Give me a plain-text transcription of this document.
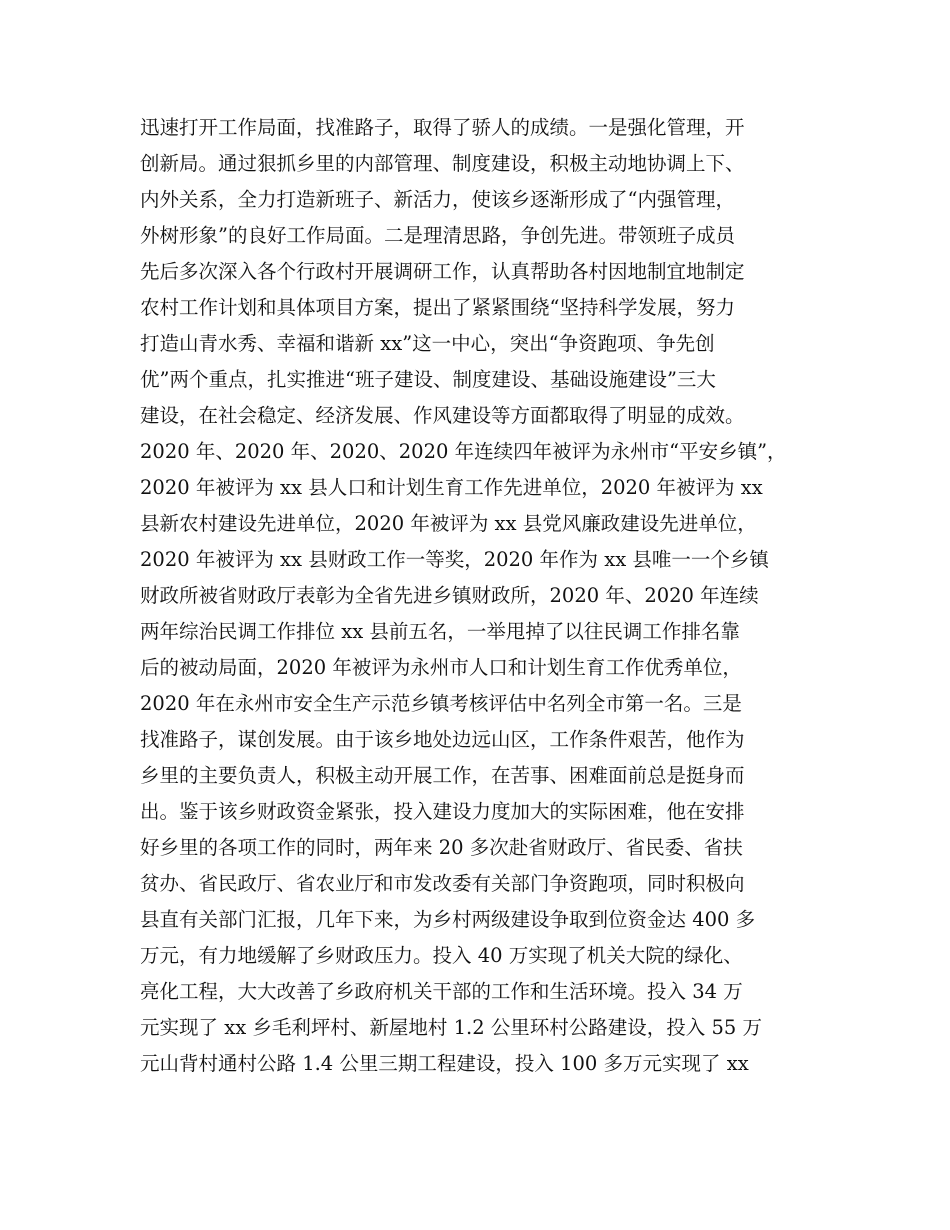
迅速打开工作局面，找准路子，取得了骄人的成绩。一是强化管理，开
创新局。通过狠抓乡里的内部管理、制度建设，积极主动地协调上下、
内外关系，全力打造新班子、新活力，使该乡逐渐形成了“内强管理，
外树形象”的良好工作局面。二是理清思路，争创先进。带领班子成员
先后多次深入各个行政村开展调研工作，认真帮助各村因地制宜地制定
农村工作计划和具体项目方案，提出了紧紧围绕“坚持科学发展，努力
打造山青水秀、幸福和谐新 xx”这一中心，突出“争资跑项、争先创
优”两个重点，扎实推进“班子建设、制度建设、基础设施建设”三大
建设，在社会稳定、经济发展、作风建设等方面都取得了明显的成效。
2020 年、2020 年、2020、2020 年连续四年被评为永州市“平安乡镇”，
2020 年被评为 xx 县人口和计划生育工作先进单位，2020 年被评为 xx
县新农村建设先进单位，2020 年被评为 xx 县党风廉政建设先进单位，
2020 年被评为 xx 县财政工作一等奖，2020 年作为 xx 县唯一一个乡镇
财政所被省财政厅表彰为全省先进乡镇财政所，2020 年、2020 年连续
两年综治民调工作排位 xx 县前五名，一举甩掉了以往民调工作排名靠
后的被动局面，2020 年被评为永州市人口和计划生育工作优秀单位，
2020 年在永州市安全生产示范乡镇考核评估中名列全市第一名。三是
找准路子，谋创发展。由于该乡地处边远山区，工作条件艰苦，他作为
乡里的主要负责人，积极主动开展工作，在苦事、困难面前总是挺身而
出。鉴于该乡财政资金紧张，投入建设力度加大的实际困难，他在安排
好乡里的各项工作的同时，两年来 20 多次赴省财政厅、省民委、省扶
贫办、省民政厅、省农业厅和市发改委有关部门争资跑项，同时积极向
县直有关部门汇报，几年下来，为乡村两级建设争取到位资金达 400 多
万元，有力地缓解了乡财政压力。投入 40 万实现了机关大院的绿化、
亮化工程，大大改善了乡政府机关干部的工作和生活环境。投入 34 万
元实现了 xx 乡毛利坪村、新屋地村 1.2 公里环村公路建设，投入 55 万
元山背村通村公路 1.4 公里三期工程建设，投入 100 多万元实现了 xx
